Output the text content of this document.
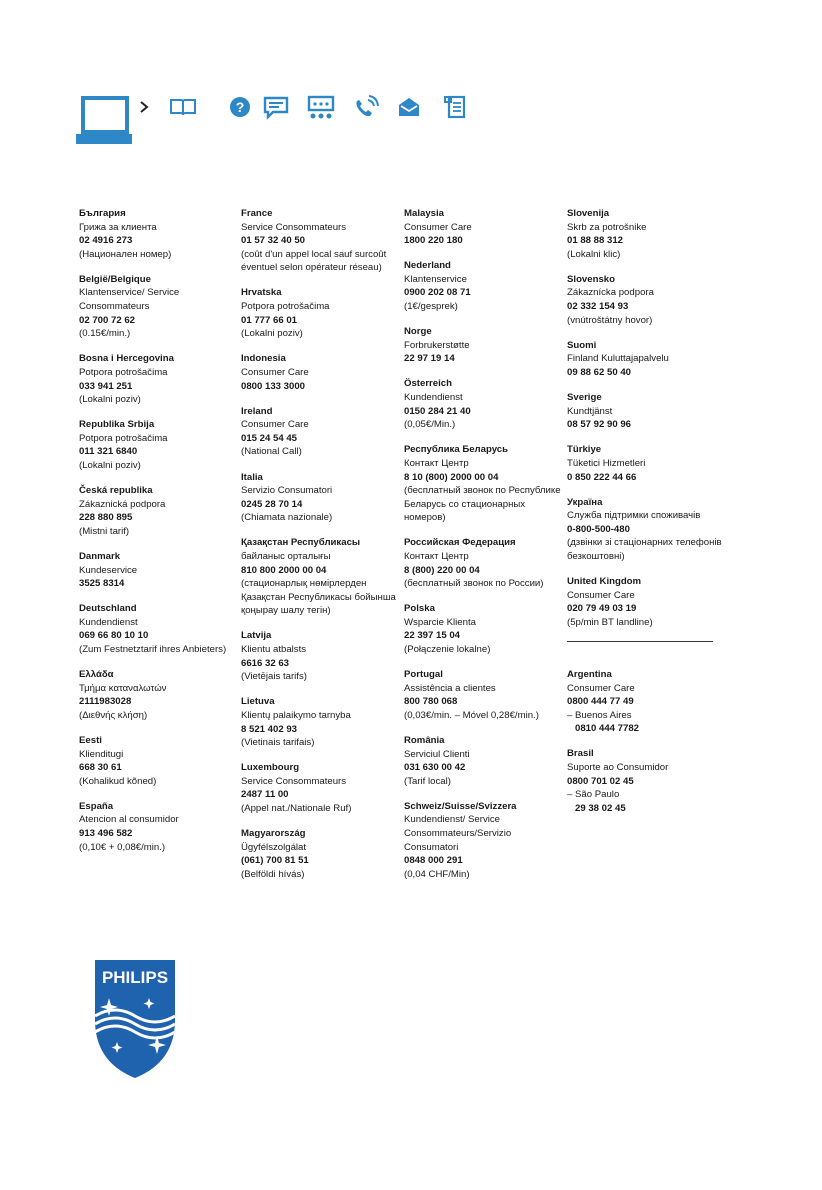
?
България
Грижа за клиента
02 4916 273
(Национален номер)
België/Belgique
Klantenservice/ Service Consommateurs
02 700 72 62
(0.15€/min.)
Bosna i Hercegovina
Potpora potrošačima
033 941 251
(Lokalni poziv)
Republika Srbija
Potpora potrošačima
011 321 6840
(Lokalni poziv)
Česká republika
Zákaznická podpora
228 880 895
(Mistni tarif)
Danmark
Kundeservice
3525 8314
Deutschland
Kundendienst
069 66 80 10 10
(Zum Festnetztarif ihres Anbieters)
Ελλάδα
Τμήμα καταναλωτών
2111983028
(Διεθνής κλήση)
Eesti
Klienditugi
668 30 61
(Kohalikud kõned)
España
Atencion al consumidor
913 496 582
(0,10€ + 0,08€/min.)
France
Service Consommateurs
01 57 32 40 50
(coût d'un appel local sauf surcoût éventuel selon opérateur réseau)
Hrvatska
Potpora potrošačima
01 777 66 01
(Lokalni poziv)
Indonesia
Consumer Care
0800 133 3000
Ireland
Consumer Care
015 24 54 45
(National Call)
Italia
Servizio Consumatori
0245 28 70 14
(Chiamata nazionale)
Қазақстан Республикасы
байланыс орталығы
810 800 2000 00 04
(стационарлық нөмірлерден Қазақстан Республикасы бойынша қоңырау шалу тегін)
Latvija
Klientu atbalsts
6616 32 63
(Vietējais tarifs)
Lietuva
Klientų palaikymo tarnyba
8 521 402 93
(Vietinais tarifais)
Luxembourg
Service Consommateurs
2487 11 00
(Appel nat./Nationale Ruf)
Magyarország
Ügyfélszolgálat
(061) 700 81 51
(Belföldi hívás)
Malaysia
Consumer Care
1800 220 180
Nederland
Klantenservice
0900 202 08 71
(1€/gesprek)
Norge
Forbrukerstøtte
22 97 19 14
Österreich
Kundendienst
0150 284 21 40
(0,05€/Min.)
Республика Беларусь
Контакт Центр
8 10 (800) 2000 00 04
(бесплатный звонок по Республике Беларусь со стационарных номеров)
Российская Федерация
Контакт Центр
8 (800) 220 00 04
(бесплатный звонок по России)
Polska
Wsparcie Klienta
22 397 15 04
(Połączenie lokalne)
Portugal
Assistência a clientes
800 780 068
(0,03€/min. – Móvel 0,28€/min.)
România
Serviciul Clienti
031 630 00 42
(Tarif local)
Schweiz/Suisse/Svizzera
Kundendienst/ Service Consommateurs/Servizio Consumatori
0848 000 291
(0,04 CHF/Min)
Slovenija
Skrb za potrošnike
01 88 88 312
(Lokalni klic)
Slovensko
Zákaznícka podpora
02 332 154 93
(vnútroštátny hovor)
Suomi
Finland Kuluttajapalvelu
09 88 62 50 40
Sverige
Kundtjänst
08 57 92 90 96
Türkiye
Tüketici Hizmetleri
0 850 222 44 66
Україна
Служба підтримки споживачів
0-800-500-480
(дзвінки зі стаціонарних телефонів безкоштовні)
United Kingdom
Consumer Care
020 79 49 03 19
(5p/min BT landline)
Argentina
Consumer Care
0800 444 77 49
– Buenos Aires
0810 444 7782
Brasil
Suporte ao Consumidor
0800 701 02 45
– São Paulo
29 38 02 45
PHILIPS
